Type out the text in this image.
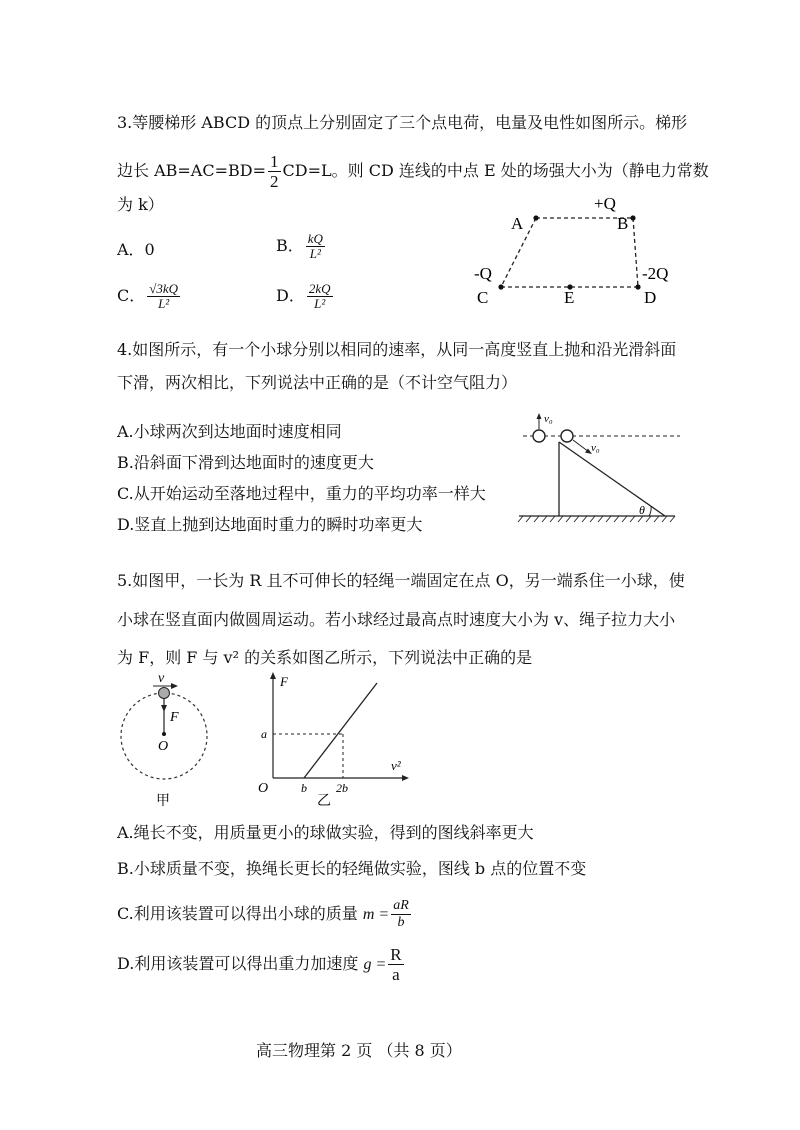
3.等腰梯形 ABCD 的顶点上分别固定了三个点电荷，电量及电性如图所示。梯形
边长 $AB=AC=BD= \frac{1}{2} CD=L$。则 CD 连线的中点 E 处的场强大小为（静电力常数
为 k）
A．0	B． $\frac{kQ}{\text{L²}}$
C． $\frac{√3kQ}{\text{L²}}$	D． $\frac{2kQ}{\text{L²}}$
A	B
+Q
-Q
C	E
-2Q
D
4.如图所示，有一个小球分别以相同的速率，从同一高度竖直上抛和沿光滑斜面
下滑，两次相比，下列说法中正确的是（不计空气阻力）
A.小球两次到达地面时速度相同
B.沿斜面下滑到达地面时的速度更大
C.从开始运动至落地过程中，重力的平均功率一样大
D.竖直上抛到达地面时重力的瞬时功率更大
v₀
v₀
θ
5.如图甲，一长为 R 且不可伸长的轻绳一端固定在点 O，另一端系住一小球，使
小球在竖直面内做圆周运动。若小球经过最高点时速度大小为 v、绳子拉力大小
为 F，则 F 与 v² 的关系如图乙所示，下列说法中正确的是
v
F
O
甲
F
v²
O
a
b 2b
乙
A.绳长不变，用质量更小的球做实验，得到的图线斜率更大
B.小球质量不变，换绳长更长的轻绳做实验，图线 b 点的位置不变
C.利用该装置可以得出小球的质量 $m = \frac{aR}{b}$
D.利用该装置可以得出重力加速度 $g = \frac{R}{a}$
高三物理第 2 页 （共 8 页）
